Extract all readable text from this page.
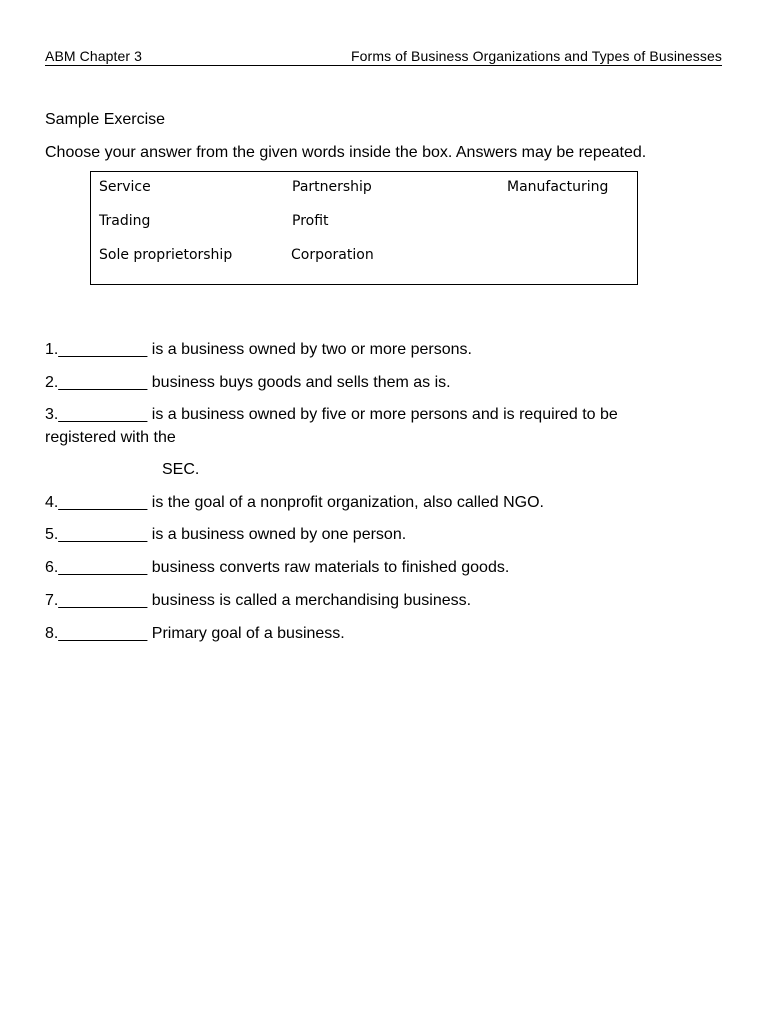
ABM Chapter 3	Forms of Business Organizations and Types of Businesses
Sample Exercise
Choose your answer from the given words inside the box. Answers may be repeated.
Service	Partnership	Manufacturing
Trading	Profit
Sole proprietorship	Corporation
1.__________ is a business owned by two or more persons.
2.__________ business buys goods and sells them as is.
3.__________ is a business owned by five or more persons and is required to be
registered with the
SEC.
4.__________ is the goal of a nonprofit organization, also called NGO.
5.__________ is a business owned by one person.
6.__________ business converts raw materials to finished goods.
7.__________ business is called a merchandising business.
8.__________ Primary goal of a business.
